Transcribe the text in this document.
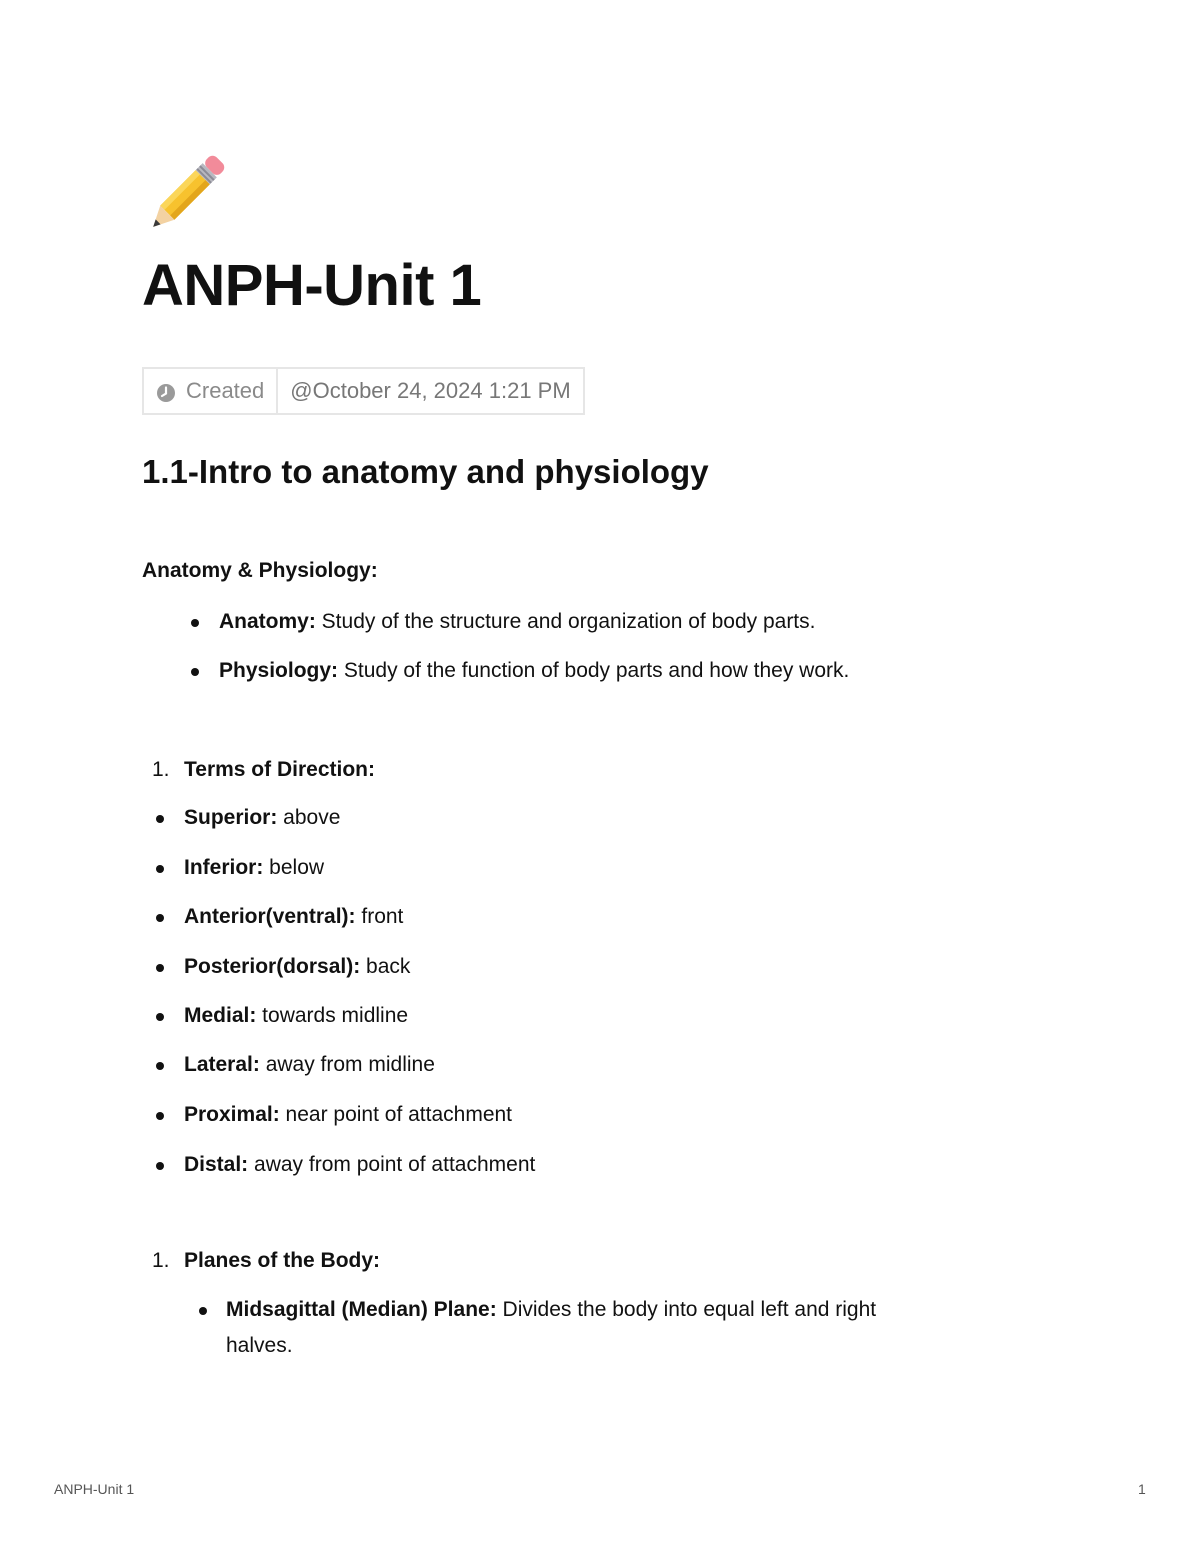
ANPH-Unit 1
Created	@October 24, 2024 1:21 PM
1.1-Intro to anatomy and physiology
Anatomy & Physiology:
Anatomy: Study of the structure and organization of body parts.
Physiology: Study of the function of body parts and how they work.
1. Terms of Direction:
Superior: above
Inferior: below
Anterior(ventral): front
Posterior(dorsal): back
Medial: towards midline
Lateral: away from midline
Proximal: near point of attachment
Distal: away from point of attachment
1. Planes of the Body:
Midsagittal (Median) Plane: Divides the body into equal left and right
halves.
ANPH-Unit 1	1
